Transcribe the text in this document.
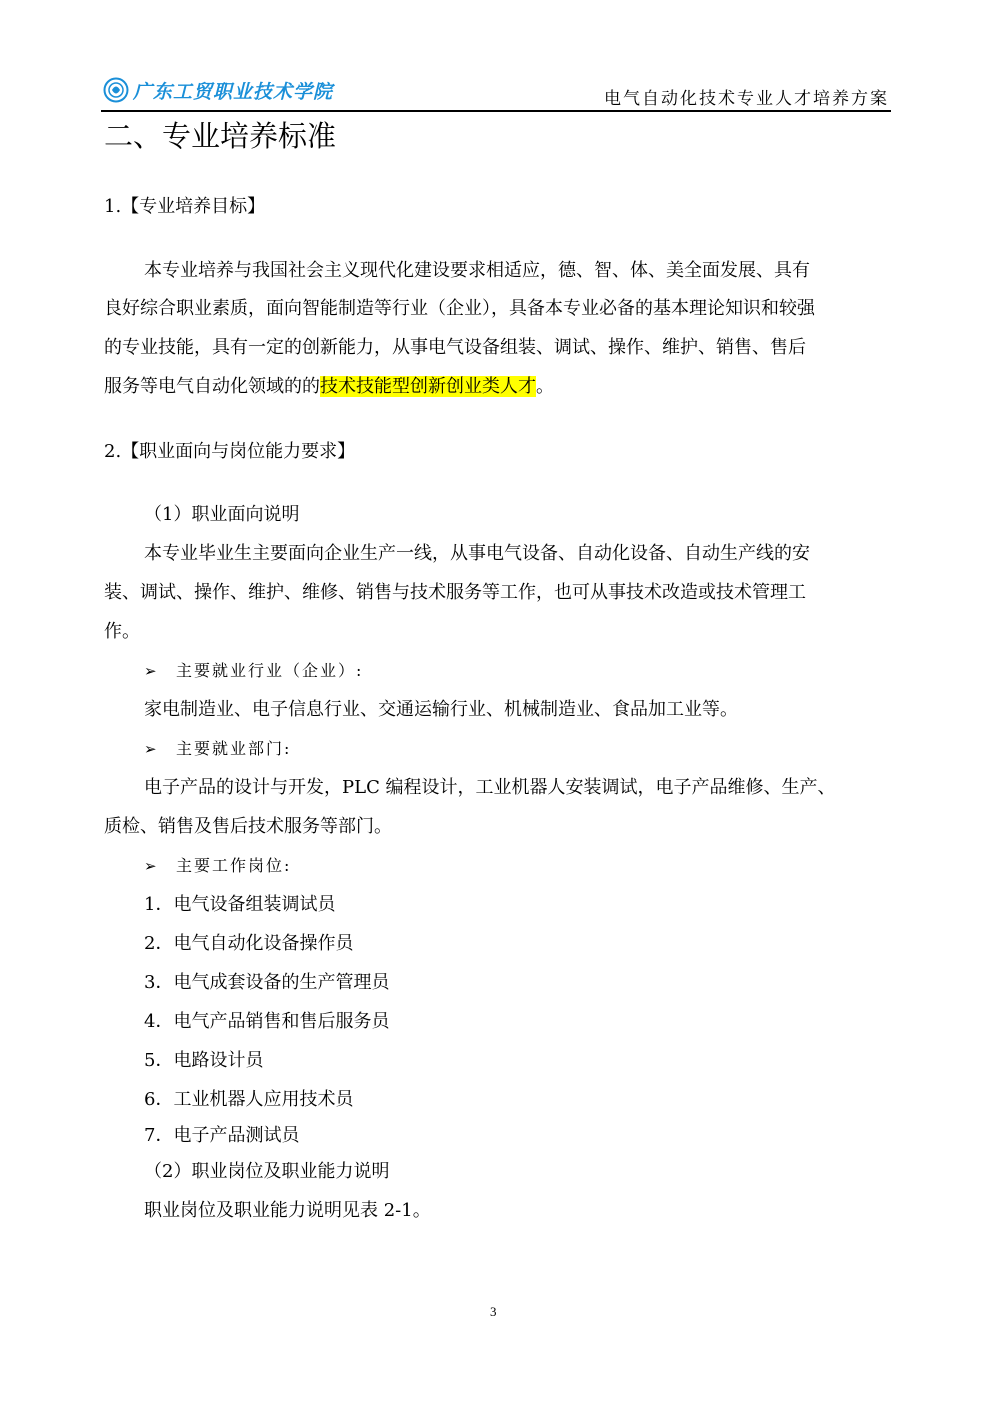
广东工贸职业技术学院	电气自动化技术专业人才培养方案
二、专业培养标准
1.【专业培养目标】
本专业培养与我国社会主义现代化建设要求相适应，德、智、体、美全面发展、具有
良好综合职业素质，面向智能制造等行业（企业），具备本专业必备的基本理论知识和较强
的专业技能，具有一定的创新能力，从事电气设备组装、调试、操作、维护、销售、售后
服务等电气自动化领域的的技术技能型创新创业类人才。
2.【职业面向与岗位能力要求】
（1）职业面向说明
本专业毕业生主要面向企业生产一线，从事电气设备、自动化设备、自动生产线的安
装、调试、操作、维护、维修、销售与技术服务等工作，也可从事技术改造或技术管理工
作。
➢	主要就业行业（企业）:
家电制造业、电子信息行业、交通运输行业、机械制造业、食品加工业等。
➢	主要就业部门:
电子产品的设计与开发，PLC 编程设计，工业机器人安装调试，电子产品维修、生产、
质检、销售及售后技术服务等部门。
➢	主要工作岗位:
1．电气设备组装调试员
2．电气自动化设备操作员
3．电气成套设备的生产管理员
4．电气产品销售和售后服务员
5．电路设计员
6．工业机器人应用技术员
7．电子产品测试员
（2）职业岗位及职业能力说明
职业岗位及职业能力说明见表 2-1。
3
